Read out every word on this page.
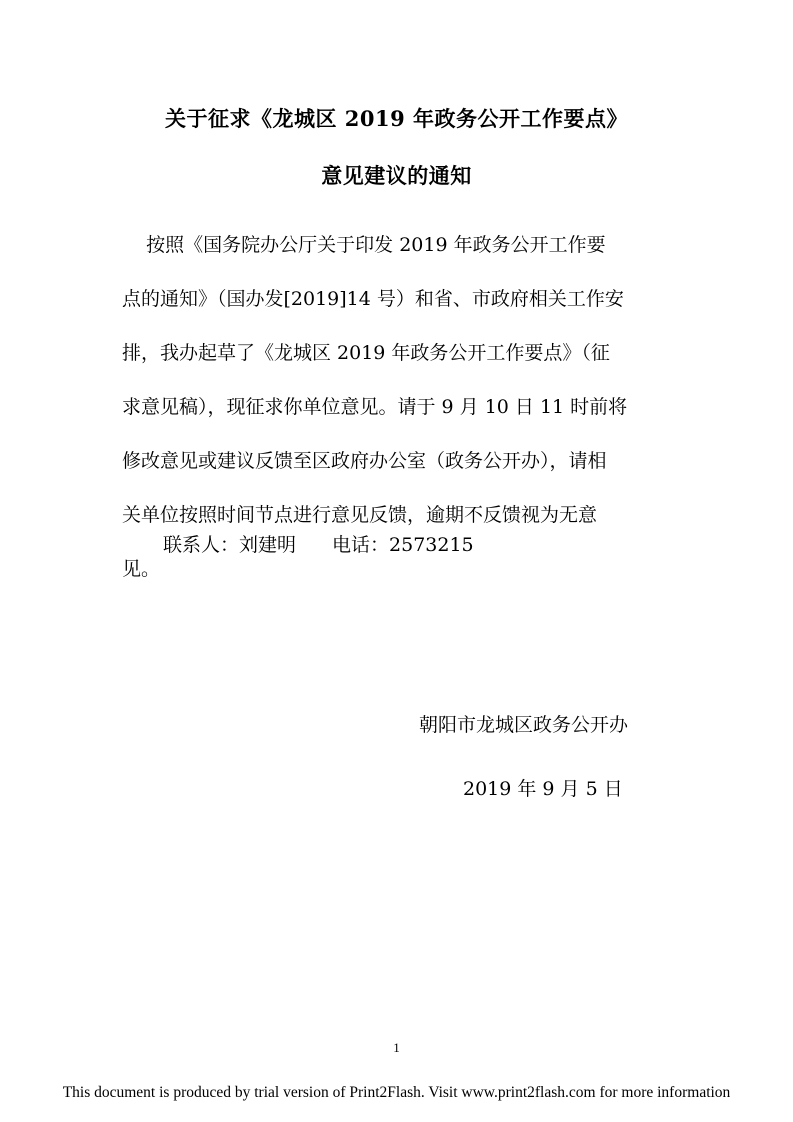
关于征求《龙城区 2019 年政务公开工作要点》
意见建议的通知
按照《国务院办公厅关于印发 2019 年政务公开工作要
点的通知》（国办发[2019]14 号）和省、市政府相关工作安
排，我办起草了《龙城区 2019 年政务公开工作要点》（征
求意见稿），现征求你单位意见。请于 9 月 10 日 11 时前将
修改意见或建议反馈至区政府办公室（政务公开办），请相
关单位按照时间节点进行意见反馈，逾期不反馈视为无意
见。
联系人：刘建明 电话：2573215
朝阳市龙城区政务公开办
2019 年 9 月 5 日
1
This document is produced by trial version of Print2Flash. Visit www.print2flash.com for more information
